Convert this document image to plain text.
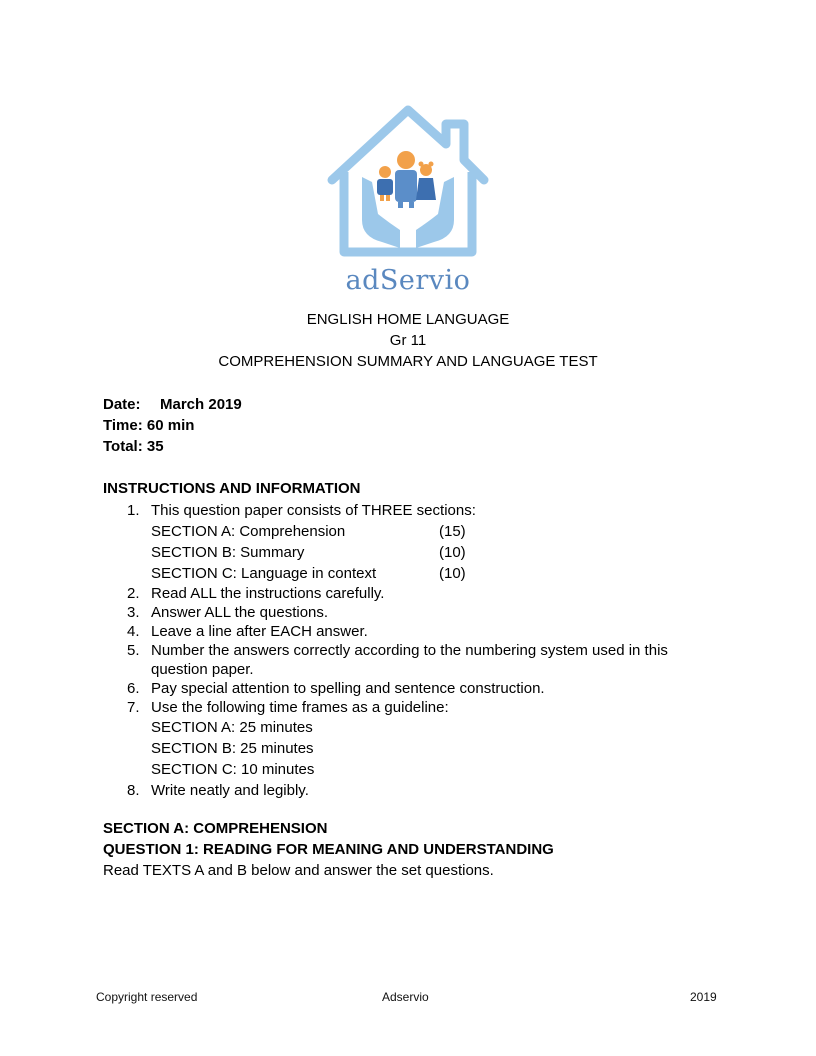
adServio
ENGLISH HOME LANGUAGE
Gr 11
COMPREHENSION SUMMARY AND LANGUAGE TEST
Date: March 2019
Time: 60 min
Total: 35
INSTRUCTIONS AND INFORMATION
1. This question paper consists of THREE sections:
SECTION A: Comprehension	(15)
SECTION B: Summary	(10)
SECTION C: Language in context	(10)
2. Read ALL the instructions carefully.
3. Answer ALL the questions.
4. Leave a line after EACH answer.
5. Number the answers correctly according to the numbering system used in this question paper.
6. Pay special attention to spelling and sentence construction.
7. Use the following time frames as a guideline:
SECTION A: 25 minutes
SECTION B: 25 minutes
SECTION C: 10 minutes
8. Write neatly and legibly.
SECTION A: COMPREHENSION
QUESTION 1: READING FOR MEANING AND UNDERSTANDING
Read TEXTS A and B below and answer the set questions.
Copyright reserved	Adservio	2019
